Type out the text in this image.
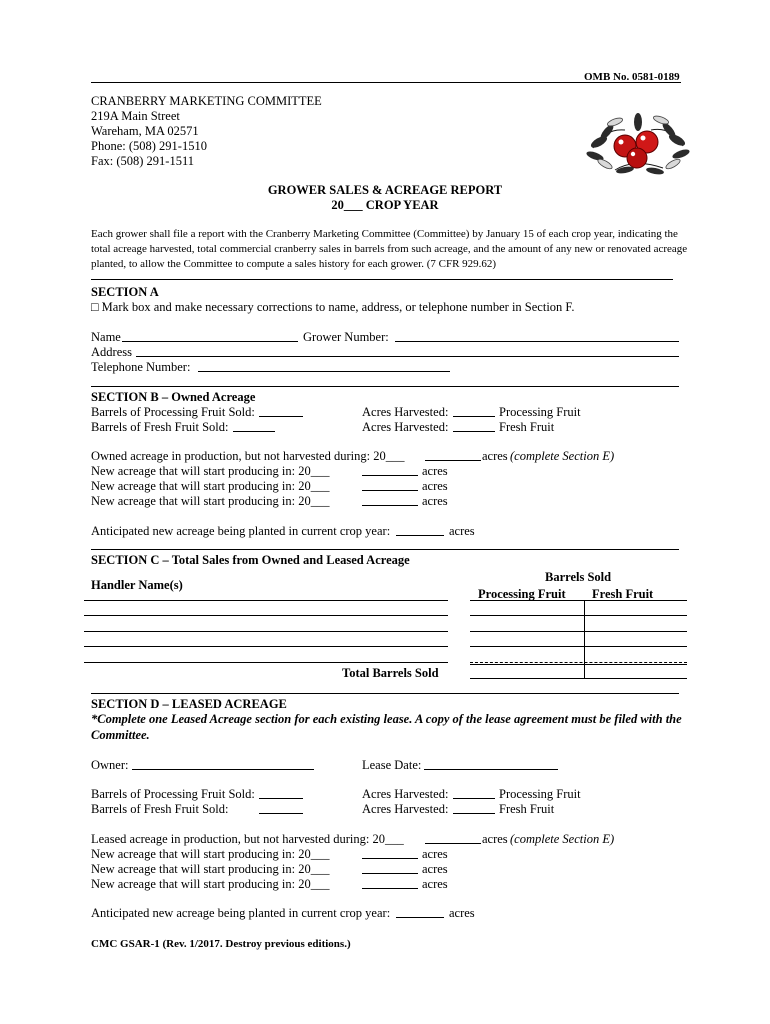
OMB No. 0581-0189
CRANBERRY MARKETING COMMITTEE
219A Main Street
Wareham, MA 02571
Phone: (508) 291-1510
Fax: (508) 291-1511
GROWER SALES & ACREAGE REPORT
20___ CROP YEAR
Each grower shall file a report with the Cranberry Marketing Committee (Committee) by January 15 of each crop year, indicating the total acreage harvested, total commercial cranberry sales in barrels from such acreage, and the amount of any new or renovated acreage planted, to allow the Committee to compute a sales history for each grower. (7 CFR 929.62)
SECTION A
□ Mark box and make necessary corrections to name, address, or telephone number in Section F.
Name	Grower Number:
Address
Telephone Number:
SECTION B – Owned Acreage
Barrels of Processing Fruit Sold:	Acres Harvested:	Processing Fruit
Barrels of Fresh Fruit Sold:	Acres Harvested:	Fresh Fruit
Owned acreage in production, but not harvested during: 20___	acres (complete Section E)
New acreage that will start producing in: 20___	acres
New acreage that will start producing in: 20___	acres
New acreage that will start producing in: 20___	acres
Anticipated new acreage being planted in current crop year:	acres
SECTION C – Total Sales from Owned and Leased Acreage
Handler Name(s)
Barrels Sold
Processing Fruit Fresh Fruit
Total Barrels Sold
SECTION D – LEASED ACREAGE
*Complete one Leased Acreage section for each existing lease. A copy of the lease agreement must be filed with the Committee.
Owner:	Lease Date:
Barrels of Processing Fruit Sold:	Acres Harvested:	Processing Fruit
Barrels of Fresh Fruit Sold:	Acres Harvested:	Fresh Fruit
Leased acreage in production, but not harvested during: 20___	acres (complete Section E)
New acreage that will start producing in: 20___	acres
New acreage that will start producing in: 20___	acres
New acreage that will start producing in: 20___	acres
Anticipated new acreage being planted in current crop year:	acres
CMC GSAR-1 (Rev. 1/2017. Destroy previous editions.)
